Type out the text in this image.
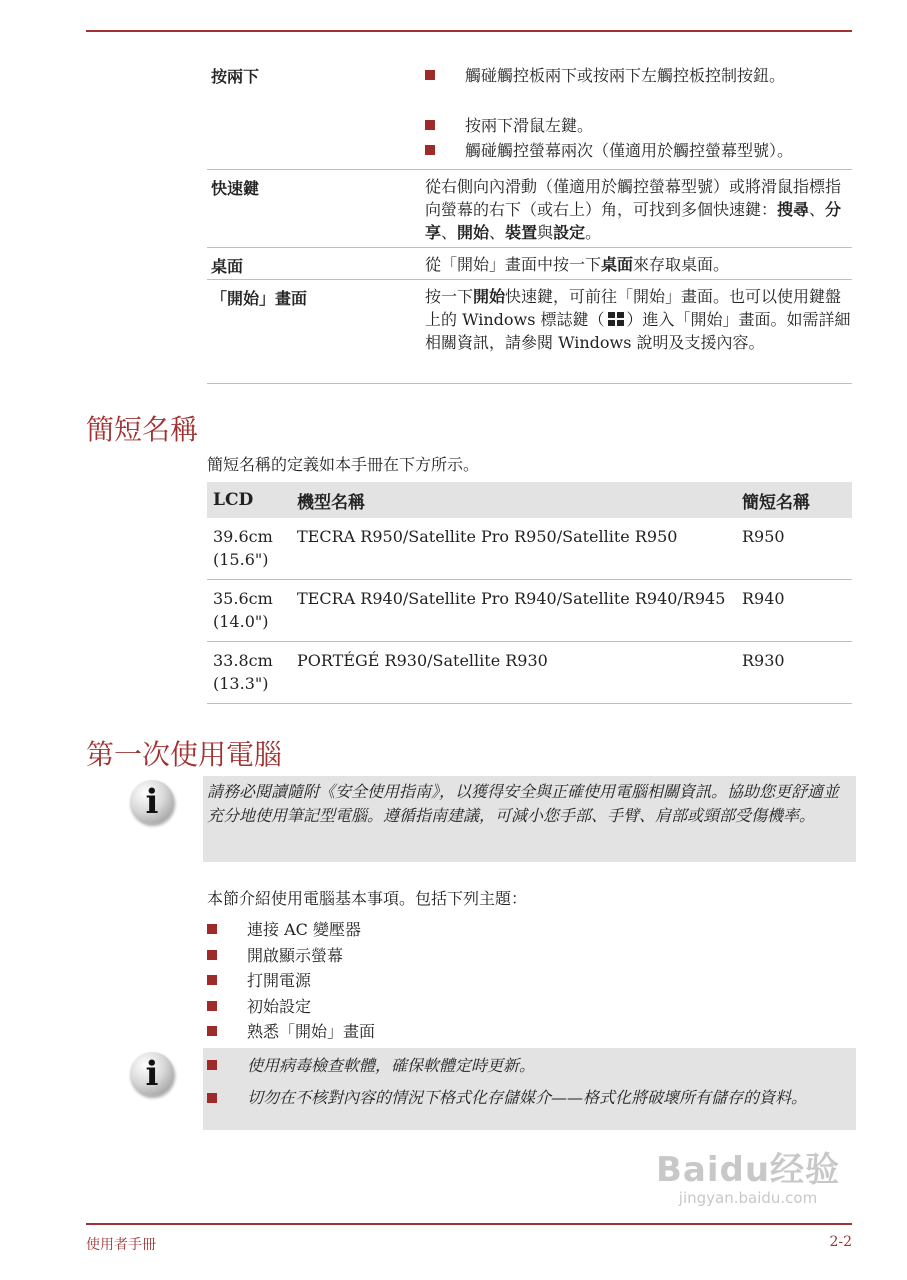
按兩下	觸碰觸控板兩下或按兩下左觸控板控制按鈕。
按兩下滑鼠左鍵。
觸碰觸控螢幕兩次（僅適用於觸控螢幕型號）。
快速鍵	從右側向內滑動（僅適用於觸控螢幕型號）或將滑鼠指標指向螢幕的右下（或右上）角，可找到多個快速鍵：搜尋、分享、開始、裝置與設定。
桌面	從「開始」畫面中按一下桌面來存取桌面。
「開始」畫面	按一下開始快速鍵，可前往「開始」畫面。也可以使用鍵盤上的 Windows 標誌鍵（ ）進入「開始」畫面。如需詳細相關資訊，請參閱 Windows 說明及支援內容。
簡短名稱
簡短名稱的定義如本手冊在下方所示。
LCD	機型名稱	簡短名稱

39.6cm
(15.6")	TECRA R950/Satellite Pro R950/Satellite R950	R950

35.6cm
(14.0")	TECRA R940/Satellite Pro R940/Satellite R940/R945	R940

33.8cm
(13.3")	PORTÉGÉ R930/Satellite R930	R930
第一次使用電腦
i	請務必閱讀隨附《安全使用指南》，以獲得安全與正確使用電腦相關資訊。協助您更舒適並充分地使用筆記型電腦。遵循指南建議，可減小您手部、手臂、肩部或頸部受傷機率。
本節介紹使用電腦基本事項。包括下列主題：
連接 AC 變壓器
開啟顯示螢幕
打開電源
初始設定
熟悉「開始」畫面
i	使用病毒檢查軟體，確保軟體定時更新。
切勿在不核對內容的情況下格式化存儲媒介——格式化將破壞所有儲存的資料。
Baidu经验
jingyan.baidu.com
使用者手冊	2-2
